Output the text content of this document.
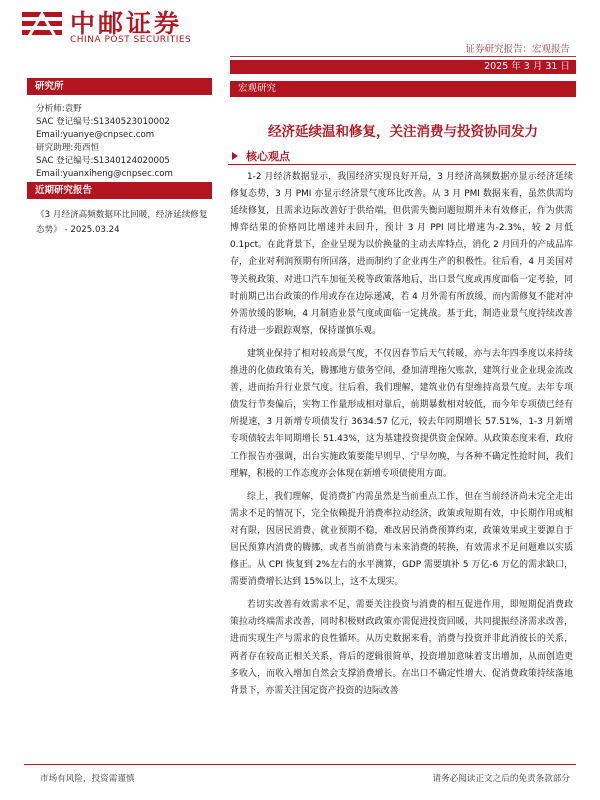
中邮证券
CHINA POST SECURITIES
证券研究报告：宏观报告
2025 年 3 月 31 日
研究所
分析师:袁野
SAC 登记编号:S1340523010002
Email:yuanye@cnpsec.com
研究助理:苑西恒
SAC 登记编号:S1340124020005
Email:yuanxiheng@cnpsec.com
近期研究报告
《3 月经济高频数据环比回暖，经济延续修复态势》 - 2025.03.24
宏观研究
经济延续温和修复，关注消费与投资协同发力
核心观点

1-2 月经济数据显示，我国经济实现良好开局，3 月经济高频数据亦显示经济延续修复态势，3 月 PMI 亦显示经济景气度环比改善。从 3 月 PMI 数据来看，虽然供需均延续修复，且需求边际改善好于供给端，但供需失衡问题短期并未有效修正，作为供需博弈结果的价格同比增速并未回升，预计 3 月 PPI 同比增速为-2.3%，较 2 月低 0.1pct。在此背景下，企业呈现为以价换量的主动去库特点，消化 2 月回升的产成品库存，企业对利润预期有所回落，进而制约了企业再生产的积极性。往后看，4 月美国对等关税政策、对进口汽车加征关税等政策落地后，出口景气度或再度面临一定考验，同时前期已出台政策的作用或存在边际递减，若 4 月外需有所放缓，而内需修复不能对冲外需放缓的影响，4 月制造业景气度或面临一定挑战。基于此，制造业景气度持续改善有待进一步跟踪观察，保持谨慎乐观。

建筑业保持了相对较高景气度，不仅因春节后天气转暖，亦与去年四季度以来持续推进的化债政策有关，腾挪地方债务空间，叠加清理拖欠账款，建筑行业企业现金流改善，进而抬升行业景气度。往后看，我们理解，建筑业仍有望维持高景气度。去年专项债发行节奏偏后，实物工作量形成相对靠后，前期暴数相对较低，而今年专项债已经有所提速，3 月新增专项债发行 3634.57 亿元，较去年同期增长 57.51%，1-3 月新增专项债较去年同期增长 51.43%，这为基建投资提供资金保障。从政策态度来看，政府工作报告亦强调，出台实施政策要能早则早、宁早勿晚，与各种不确定性抢时间，我们理解，积极的工作态度亦会体现在新增专项债使用方面。

综上，我们理解，促消费扩内需虽然是当前重点工作，但在当前经济尚未完全走出需求不足的情况下，完全依赖提升消费率拉动经济，政策或短期有效，中长期作用或相对有限，因居民消费、就业预期不稳，难改居民消费预算约束，政策效果或主要源自于居民预算内消费的腾挪，或者当前消费与未来消费的转换，有效需求不足问题难以实质修正。从 CPI 恢复到 2%左右的水平测算，GDP 需要填补 5 万亿-6 万亿的需求缺口，需要消费增长达到 15%以上，这不太现实。

若切实改善有效需求不足，需要关注投资与消费的相互促进作用，即短期促消费政策拉动终端需求改善，同时积极财政政策亦需促进投资回暖，共同提振经济需求改善，进而实现生产与需求的良性循环。从历史数据来看，消费与投资并非此消彼长的关系，两者存在较高正相关关系，背后的逻辑很简单，投资增加意味着支出增加，从而创造更多收入，而收入增加自然会支撑消费增长。在出口不确定性增大、促消费政策持续落地背景下，亦需关注国定资产投资的边际改善

市场有风险，投资需谨慎	请务必阅读正文之后的免责条款部分
